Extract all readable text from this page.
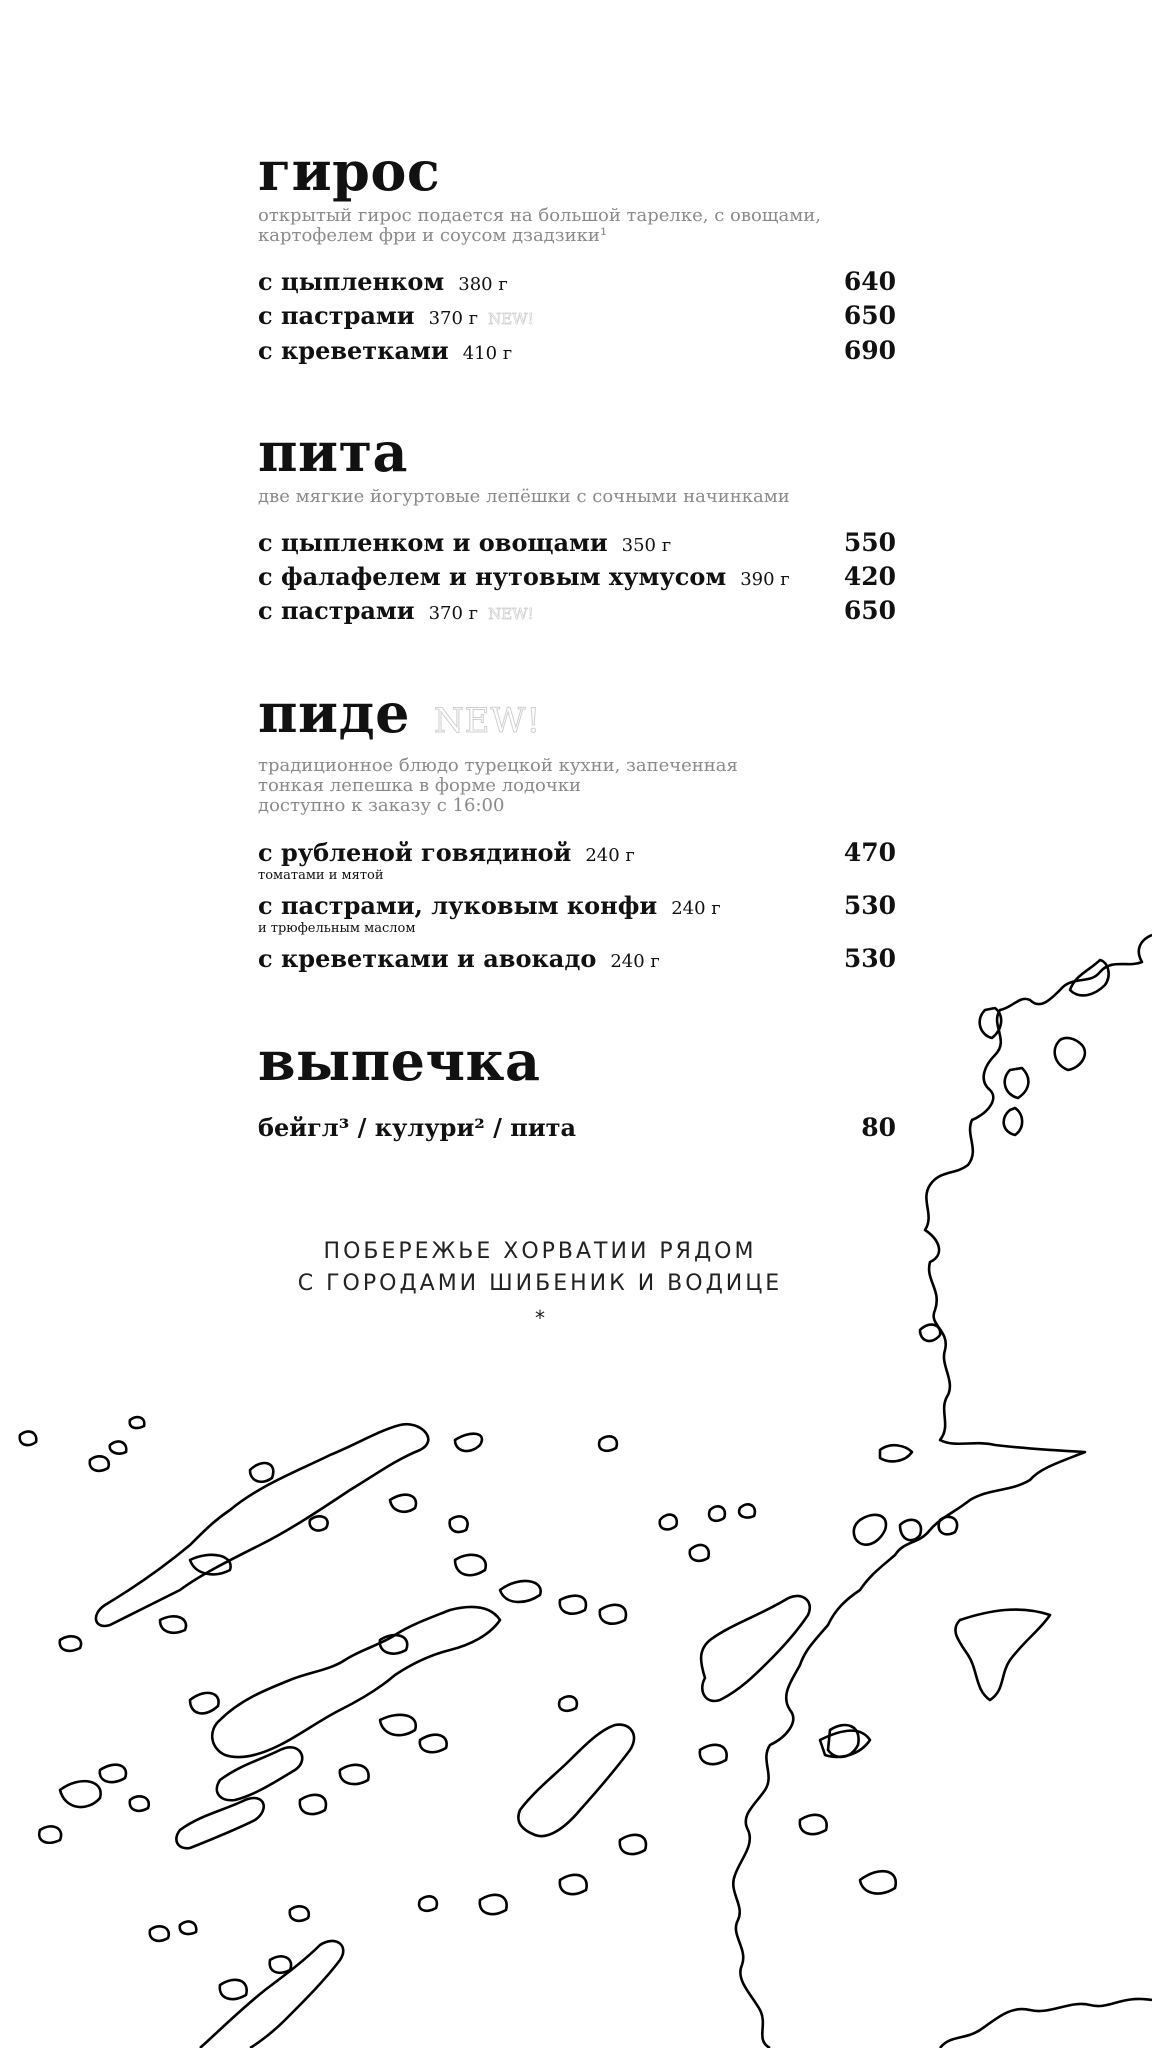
гирос
открытый гирос подается на большой тарелке, с овощами,
картофелем фри и соусом дзадзики¹
с цыпленком 380 г	640
с пастрами 370 г NEW!	650
с креветками 410 г	690
пита
две мягкие йогуртовые лепёшки с сочными начинками
с цыпленком и овощами 350 г	550
с фалафелем и нутовым хумусом 390 г 420
с пастрами 370 г NEW!	650
пиде NEW!
традиционное блюдо турецкой кухни, запеченная
тонкая лепешка в форме лодочки
доступно к заказу с 16:00
с рубленой говядиной 240 г	470
томатами и мятой
с пастрами, луковым конфи 240 г	530
и трюфельным маслом
с креветками и авокадо 240 г	530
выпечка
бейгл³ / кулури² / пита	80
ПОБЕРЕЖЬЕ ХОРВАТИИ РЯДОМ
С ГОРОДАМИ ШИБЕНИК И ВОДИЦЕ
*
